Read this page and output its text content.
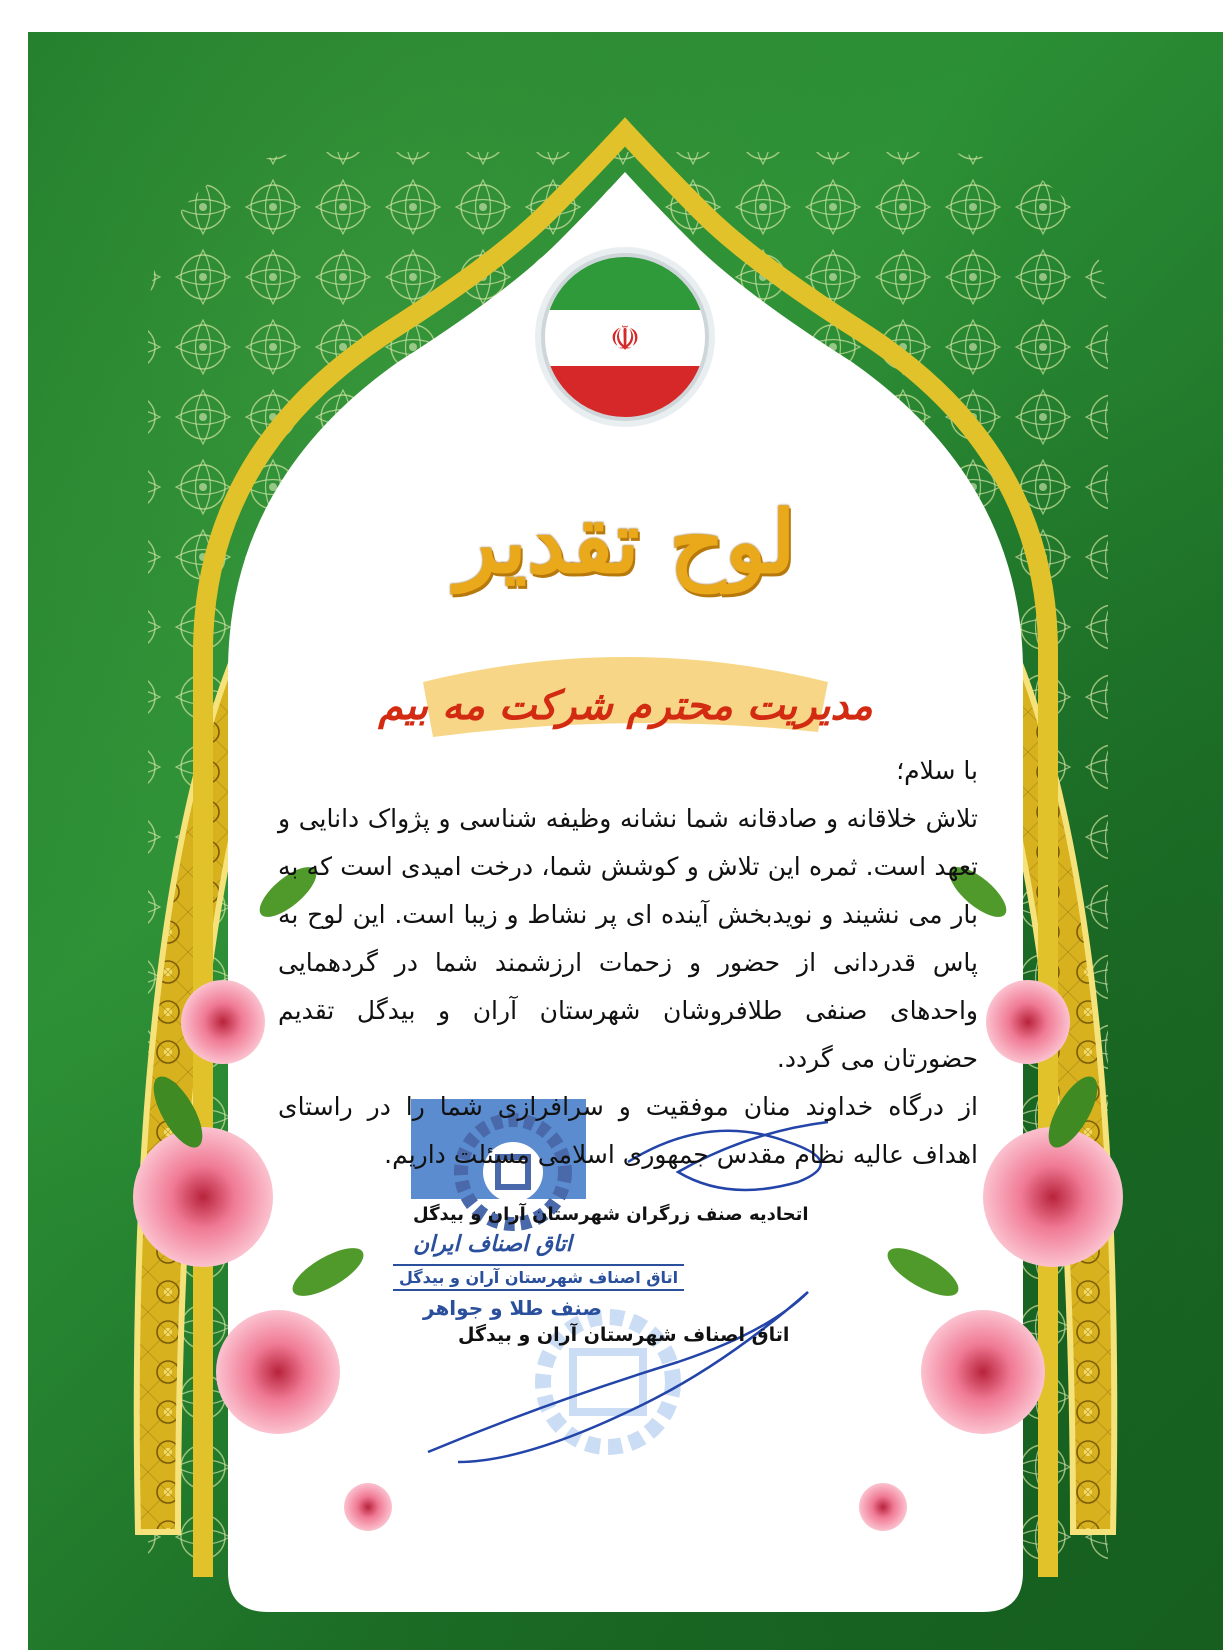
☫
لوح تقدیر
مدیریت محترم شرکت مه بیم

با سلام؛

تلاش خلاقانه و صادقانه شما نشانه وظیفه شناسی و پژواک دانایی و تعهد است. ثمره این تلاش و کوشش شما، درخت امیدی است که به بار می نشیند و نویدبخش آینده ای پر نشاط و زیبا است. این لوح به پاس قدردانی از حضور و زحمات ارزشمند شما در گردهمایی واحدهای صنفی طلافروشان شهرستان آران و بیدگل تقدیم حضورتان می گردد.

از درگاه خداوند منان موفقیت و سرافرازی شما را در راستای اهداف عالیه نظام مقدس جمهوری اسلامی مسئلت داریم.

اتحادیه صنف زرگران شهرستان آران و بیدگل
اتاق اصناف ایران
اتاق اصناف شهرستان آران و بیدگل
صنف طلا و جواهر
اتاق اصناف شهرستان آران و بیدگل
